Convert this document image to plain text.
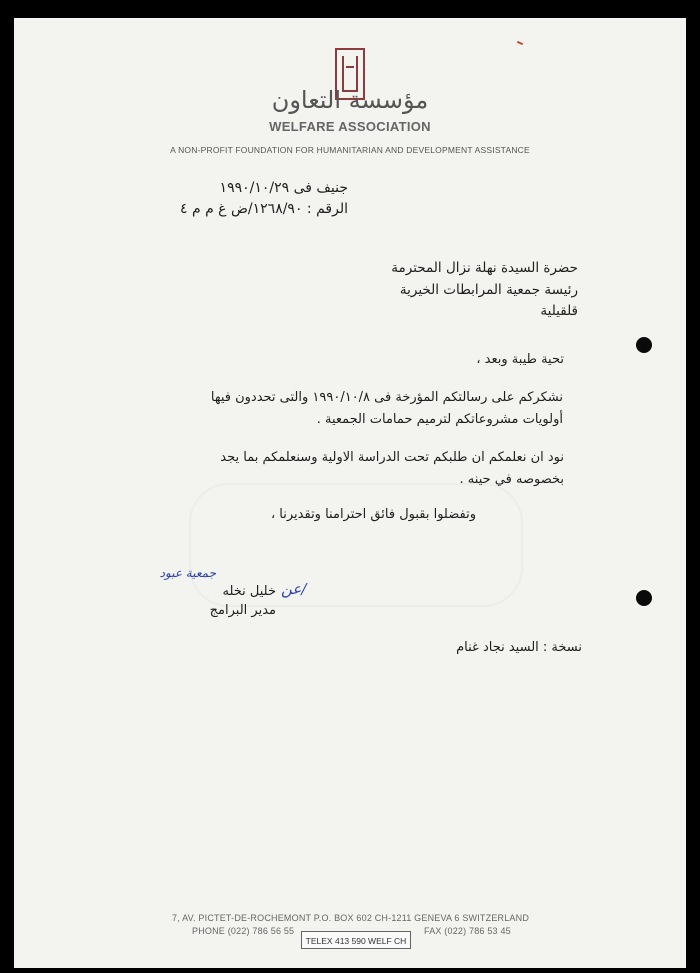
مؤسسة التعاون
WELFARE ASSOCIATION
A NON-PROFIT FOUNDATION FOR HUMANITARIAN AND DEVELOPMENT ASSISTANCE
جنيف فى ١٩٩٠/١٠/٢٩
الرقم : ١٢٦٨/٩٠/ض غ م م ٤
حضرة السيدة نهلة نزال المحترمة
رئيسة جمعية المرابطات الخيرية
قلقيلية
تحية طيبة وبعد ،
نشكركم على رسالتكم المؤرخة فى ١٩٩٠/١٠/٨ والتى تحددون فيها
أولويات مشروعاتكم لترميم حمامات الجمعية .
نود ان نعلمكم ان طلبكم تحت الدراسة الاولية وسنعلمكم بما يجد
بخصوصه في حينه .
وتفضلوا بقبول فائق احترامنا وتقديرنا ،
جمعية عبود
عن/
خليل نخله
مدير البرامج
نسخة : السيد نجاد غنام
7, AV. PICTET-DE-ROCHEMONT P.O. BOX 602 CH-1211 GENEVA 6 SWITZERLAND
PHONE (022) 786 56 55
TELEX 413 590 WELF CH
FAX (022) 786 53 45
